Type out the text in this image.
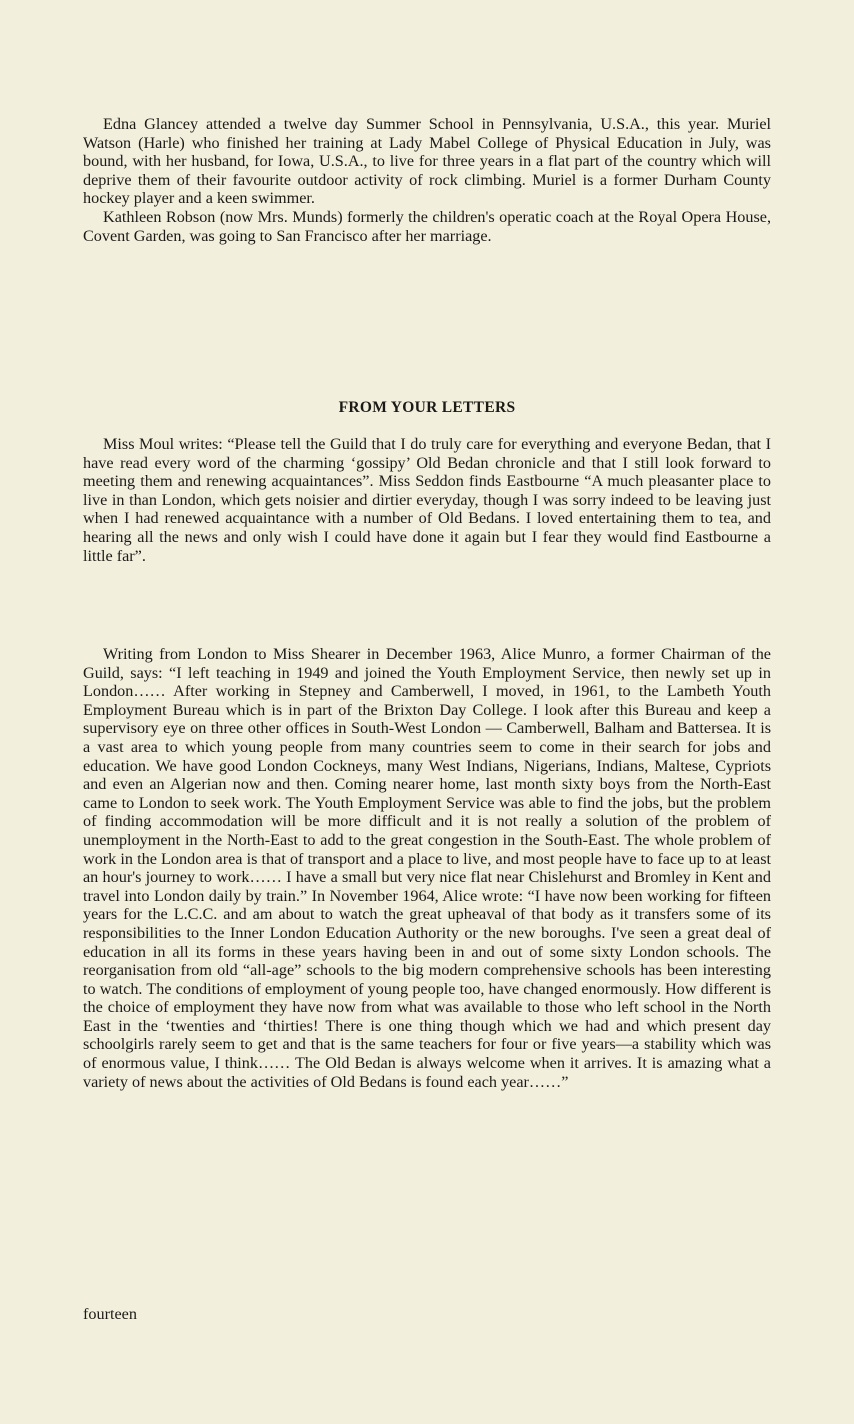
Edna Glancey attended a twelve day Summer School in Pennsylvania, U.S.A., this year. Muriel Watson (Harle) who finished her training at Lady Mabel College of Physical Education in July, was bound, with her husband, for Iowa, U.S.A., to live for three years in a flat part of the country which will deprive them of their favourite outdoor activity of rock climbing. Muriel is a former Durham County hockey player and a keen swimmer.

Kathleen Robson (now Mrs. Munds) formerly the children's operatic coach at the Royal Opera House, Covent Garden, was going to San Francisco after her marriage.

FROM YOUR LETTERS

Miss Moul writes: “Please tell the Guild that I do truly care for everything and everyone Bedan, that I have read every word of the charming ‘gossipy’ Old Bedan chronicle and that I still look forward to meeting them and renewing acquaintances”. Miss Seddon finds Eastbourne “A much pleasanter place to live in than London, which gets noisier and dirtier everyday, though I was sorry indeed to be leaving just when I had renewed acquaintance with a number of Old Bedans. I loved entertaining them to tea, and hearing all the news and only wish I could have done it again but I fear they would find Eastbourne a little far”.

Writing from London to Miss Shearer in December 1963, Alice Munro, a former Chairman of the Guild, says: “I left teaching in 1949 and joined the Youth Employment Service, then newly set up in London…… After working in Stepney and Camberwell, I moved, in 1961, to the Lambeth Youth Employment Bureau which is in part of the Brixton Day College. I look after this Bureau and keep a supervisory eye on three other offices in South-West London — Camberwell, Balham and Battersea. It is a vast area to which young people from many countries seem to come in their search for jobs and education. We have good London Cockneys, many West Indians, Nigerians, Indians, Maltese, Cypriots and even an Algerian now and then. Coming nearer home, last month sixty boys from the North-East came to London to seek work. The Youth Employment Service was able to find the jobs, but the problem of finding accommodation will be more difficult and it is not really a solution of the problem of unemployment in the North-East to add to the great congestion in the South-East. The whole problem of work in the London area is that of transport and a place to live, and most people have to face up to at least an hour's journey to work…… I have a small but very nice flat near Chislehurst and Bromley in Kent and travel into London daily by train.” In November 1964, Alice wrote: “I have now been working for fifteen years for the L.C.C. and am about to watch the great upheaval of that body as it transfers some of its responsibilities to the Inner London Education Authority or the new boroughs. I've seen a great deal of education in all its forms in these years having been in and out of some sixty London schools. The reorganisation from old “all-age” schools to the big modern comprehensive schools has been interesting to watch. The conditions of employment of young people too, have changed enormously. How different is the choice of employment they have now from what was available to those who left school in the North East in the ‘twenties and ‘thirties! There is one thing though which we had and which present day schoolgirls rarely seem to get and that is the same teachers for four or five years—a stability which was of enormous value, I think…… The Old Bedan is always welcome when it arrives. It is amazing what a variety of news about the activities of Old Bedans is found each year……”

fourteen
